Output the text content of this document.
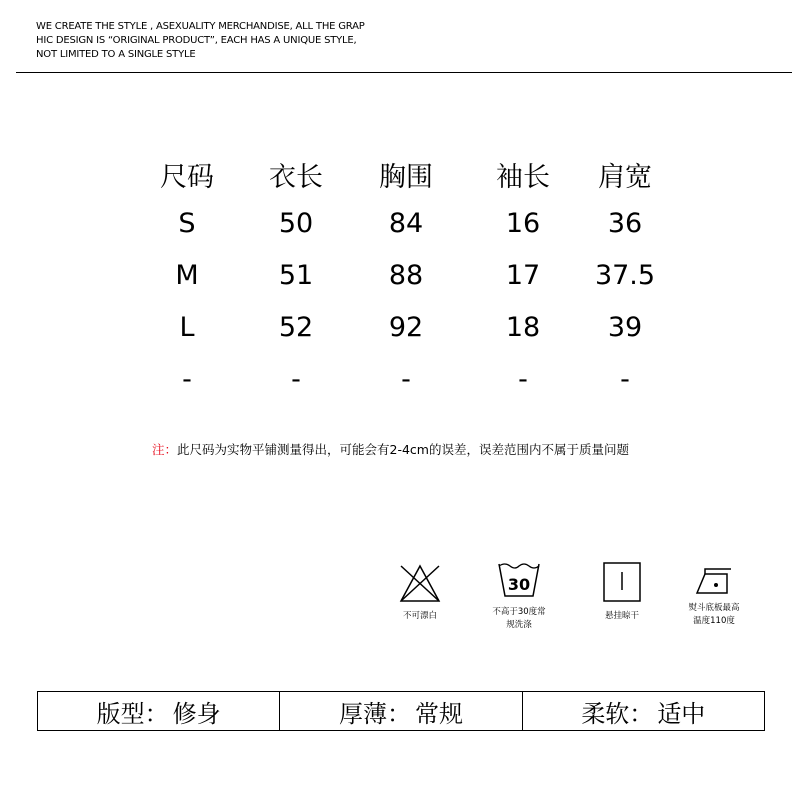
WE CREATE THE STYLE , ASEXUALITY MERCHANDISE, ALL THE GRAPHIC DESIGN IS “ORIGINAL PRODUCT”, EACH HAS A UNIQUE STYLE, NOT LIMITED TO A SINGLE STYLE
尺码	衣长	胸围	袖长	肩宽
S	50	84	16	36
M	51	88	17	37.5
L	52	92	18	39
-	-	-	-	-
注：此尺码为实物平铺测量得出，可能会有2-4cm的误差，误差范围内不属于质量问题
不可漂白
30
不高于30度常规洗涤
悬挂晾干
熨斗底板最高温度110度
版型： 修身	厚薄： 常规	柔软： 适中
